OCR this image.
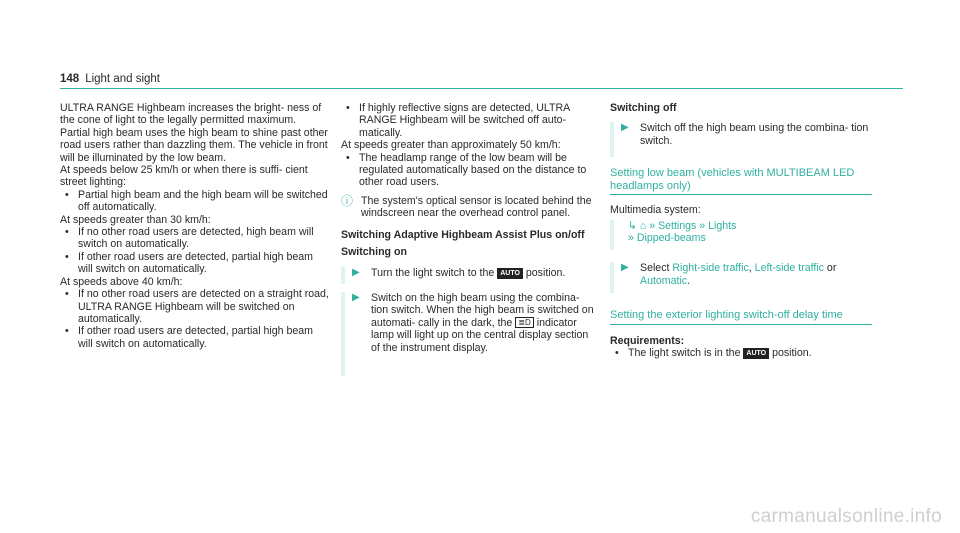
148 Light and sight

ULTRA RANGE Highbeam increases the bright- ness of the cone of light to the legally permitted maximum.

Partial high beam uses the high beam to shine past other road users rather than dazzling them. The vehicle in front will be illuminated by the low beam.

At speeds below 25 km/h or when there is suffi- cient street lighting:

• Partial high beam and the high beam will be switched off automatically.

At speeds greater than 30 km/h:

• If no other road users are detected, high beam will switch on automatically.

• If other road users are detected, partial high beam will switch on automatically.

At speeds above 40 km/h:

• If no other road users are detected on a straight road, ULTRA RANGE Highbeam will be switched on automatically.

• If other road users are detected, partial high beam will switch on automatically.

• If highly reflective signs are detected, ULTRA RANGE Highbeam will be switched off auto- matically.

At speeds greater than approximately 50 km/h:

• The headlamp range of the low beam will be regulated automatically based on the distance to other road users.

ⓘ The system's optical sensor is located behind the windscreen near the overhead control panel.

Switching Adaptive Highbeam Assist Plus on/off

Switching on

▶ Turn the light switch to the AUTO position.

▶ Switch on the high beam using the combina- tion switch. When the high beam is switched on automati- cally in the dark, the ≣D indicator lamp will light up on the central display section of the instrument display.

Switching off

▶ Switch off the high beam using the combina- tion switch.

Setting low beam (vehicles with MULTIBEAM LED headlamps only)

Multimedia system:

↳ ⌂ » Settings » Lights
» Dipped-beams

▶ Select Right-side traffic, Left-side traffic or
Automatic.

Setting the exterior lighting switch-off delay time

Requirements:

• The light switch is in the AUTO position.

carmanualsonline.info
